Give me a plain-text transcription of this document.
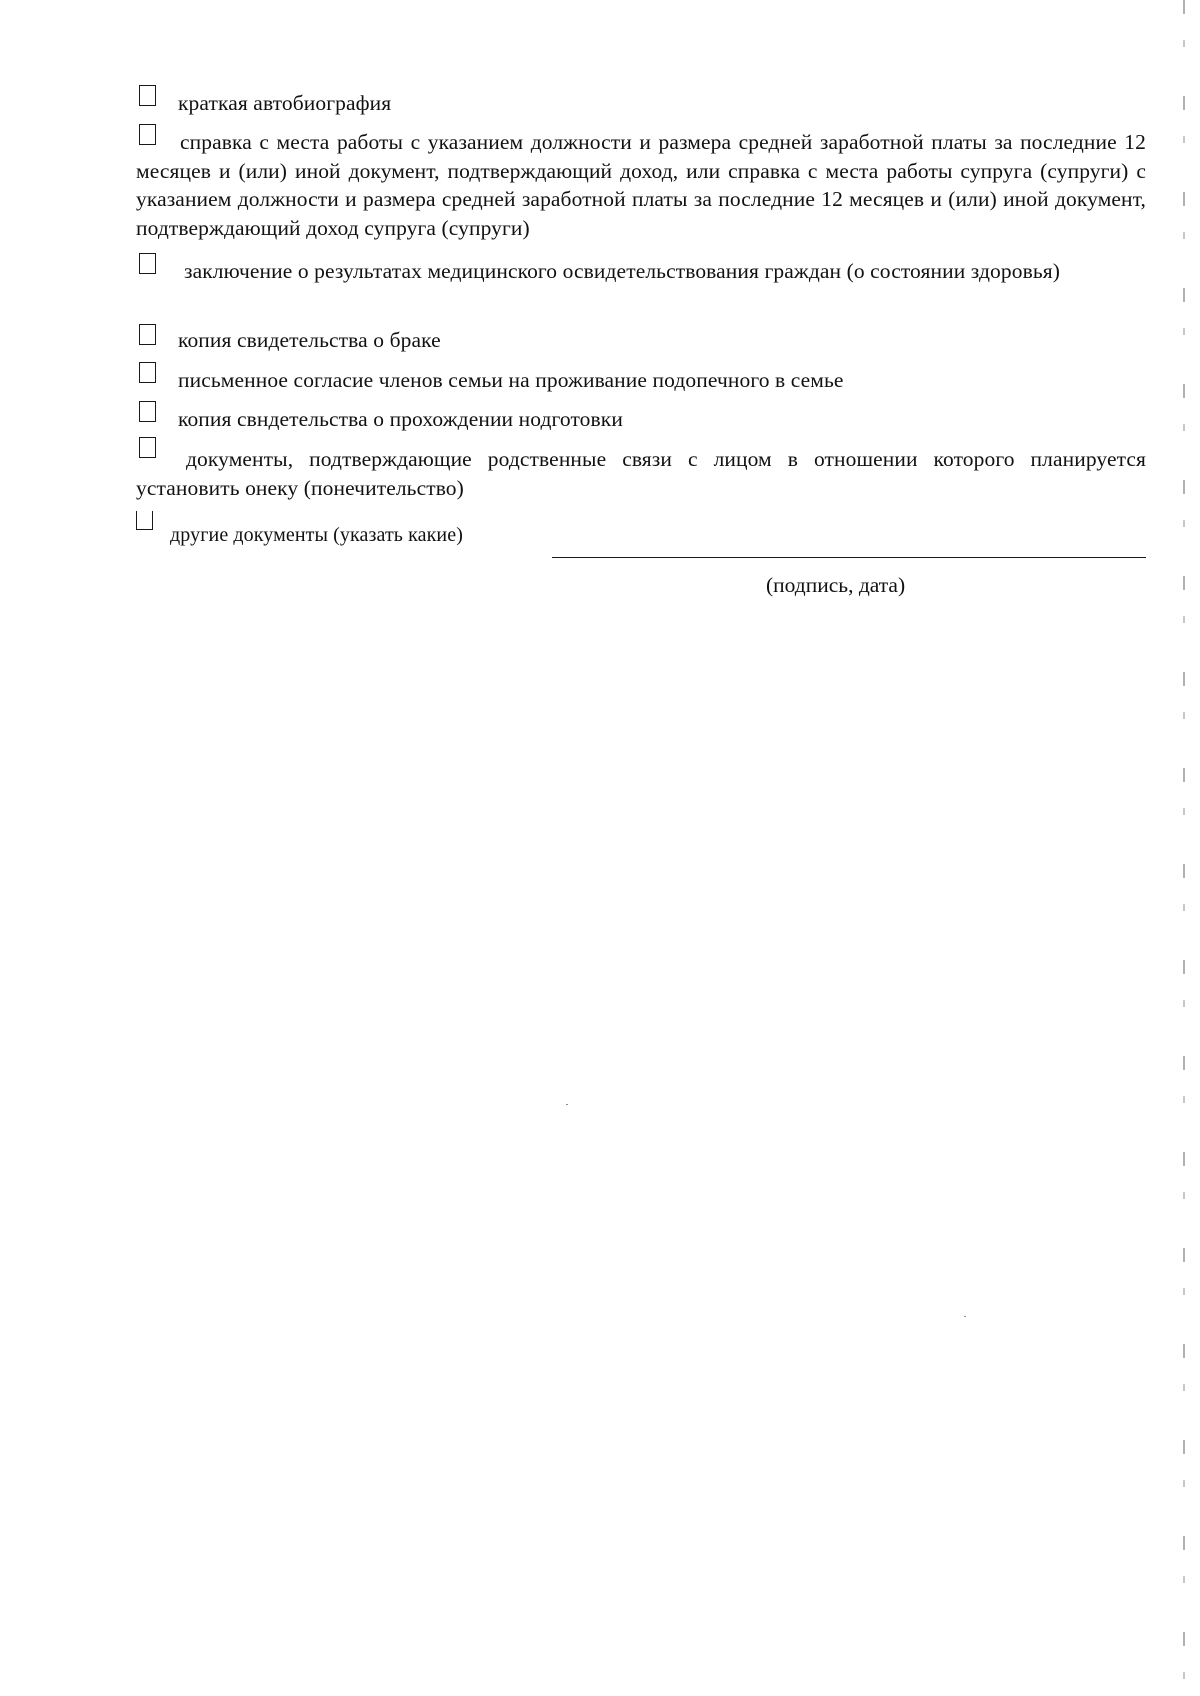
краткая автобиография
справка с места работы с указанием должности и размера средней заработной платы за последние 12 месяцев и (или) иной документ, подтверждающий доход, или справка с места работы супруга (супруги) с указанием должности и размера средней заработной платы за последние 12 месяцев и (или) иной документ, подтверждающий доход супруга (супруги)
заключение о результатах медицинского освидетельствования граждан (о состоянии здоровья)
копия свидетельства о браке
письменное согласие членов семьи на проживание подопечного в семье
копия свндетельства о прохождении нодготовки
документы, подтверждающие родственные связи с лицом в отношении которого планируется установить онеку (понечительство)
другие документы (указать какие)
(подпись, дата)
